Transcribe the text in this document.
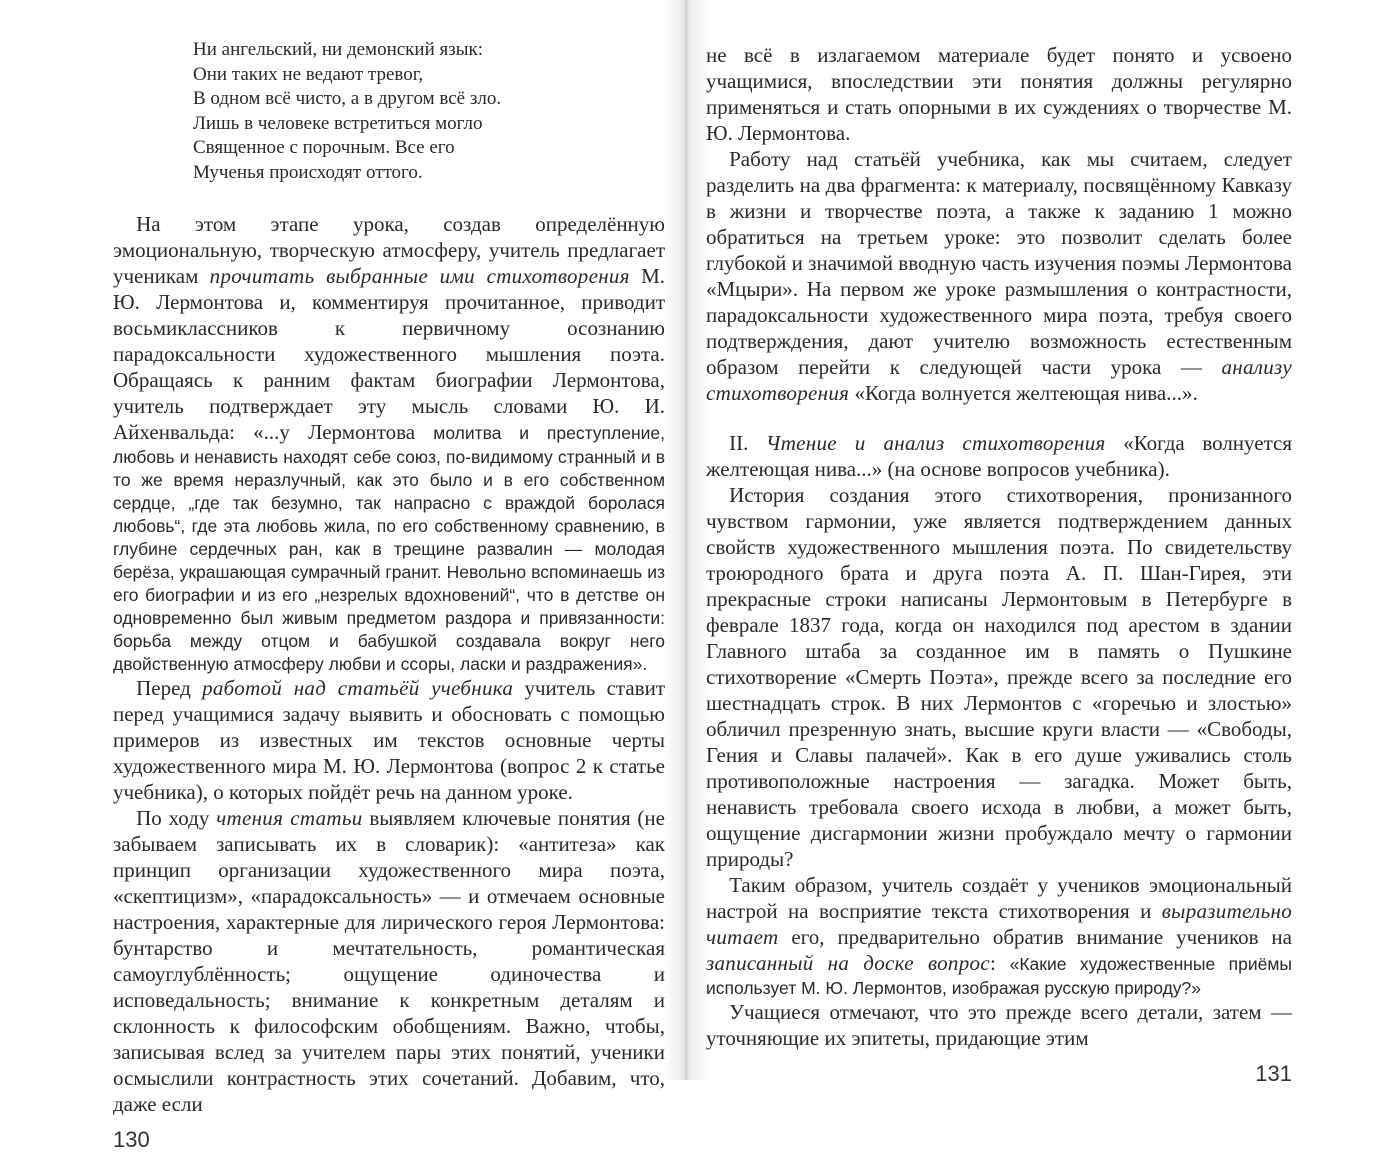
Ни ангельский, ни демонский язык:
Они таких не ведают тревог,
В одном всё чисто, а в другом всё зло.
Лишь в человеке встретиться могло
Священное с порочным. Все его
Мученья происходят оттого.

На этом этапе урока, создав определённую эмоциональную, творческую атмосферу, учитель предлагает ученикам прочитать выбранные ими стихотворения М. Ю. Лермонтова и, комментируя прочитанное, приводит восьмиклассников к первичному осознанию парадоксальности художественного мышления поэта. Обращаясь к ранним фактам биографии Лермонтова, учитель подтверждает эту мысль словами Ю. И. Айхенвальда: «...у Лермонтова молитва и преступление, любовь и ненависть находят себе союз, по-видимому странный и в то же время неразлучный, как это было и в его собственном сердце, „где так безумно, так напрасно с враждой боролася любовь“, где эта любовь жила, по его собственному сравнению, в глубине сердечных ран, как в трещине развалин — молодая берёза, украшающая сумрачный гранит. Невольно вспоминаешь из его биографии и из его „незрелых вдохновений“, что в детстве он одновременно был живым предметом раздора и привязанности: борьба между отцом и бабушкой создавала вокруг него двойственную атмосферу любви и ссоры, ласки и раздражения».

Перед работой над статьёй учебника учитель ставит перед учащимися задачу выявить и обосновать с помощью примеров из известных им текстов основные черты художественного мира М. Ю. Лермонтова (вопрос 2 к статье учебника), о которых пойдёт речь на данном уроке.

По ходу чтения статьи выявляем ключевые понятия (не забываем записывать их в словарик): «антитеза» как принцип организации художественного мира поэта, «скептицизм», «парадоксальность» — и отмечаем основные настроения, характерные для лирического героя Лермонтова: бунтарство и мечтательность, романтическая самоуглублённость; ощущение одиночества и исповедальность; внимание к конкретным деталям и склонность к философским обобщениям. Важно, чтобы, записывая вслед за учителем пары этих понятий, ученики осмыслили контрастность этих сочетаний. Добавим, что, даже если

130

не всё в излагаемом материале будет понято и усвоено учащимися, впоследствии эти понятия должны регулярно применяться и стать опорными в их суждениях о творчестве М. Ю. Лермонтова.

Работу над статьёй учебника, как мы считаем, следует разделить на два фрагмента: к материалу, посвящённому Кавказу в жизни и творчестве поэта, а также к заданию 1 можно обратиться на третьем уроке: это позволит сделать более глубокой и значимой вводную часть изучения поэмы Лермонтова «Мцыри». На первом же уроке размышления о контрастности, парадоксальности художественного мира поэта, требуя своего подтверждения, дают учителю возможность естественным образом перейти к следующей части урока — анализу стихотворения «Когда волнуется желтеющая нива...».

II. Чтение и анализ стихотворения «Когда волнуется желтеющая нива...» (на основе вопросов учебника).

История создания этого стихотворения, пронизанного чувством гармонии, уже является подтверждением данных свойств художественного мышления поэта. По свидетельству троюродного брата и друга поэта А. П. Шан-Гирея, эти прекрасные строки написаны Лермонтовым в Петербурге в феврале 1837 года, когда он находился под арестом в здании Главного штаба за созданное им в память о Пушкине стихотворение «Смерть Поэта», прежде всего за последние его шестнадцать строк. В них Лермонтов с «горечью и злостью» обличил презренную знать, высшие круги власти — «Свободы, Гения и Славы палачей». Как в его душе уживались столь противоположные настроения — загадка. Может быть, ненависть требовала своего исхода в любви, а может быть, ощущение дисгармонии жизни пробуждало мечту о гармонии природы?

Таким образом, учитель создаёт у учеников эмоциональный настрой на восприятие текста стихотворения и выразительно читает его, предварительно обратив внимание учеников на записанный на доске вопрос: «Какие художественные приёмы использует М. Ю. Лермонтов, изображая русскую природу?»

Учащиеся отмечают, что это прежде всего детали, затем — уточняющие их эпитеты, придающие этим

131
